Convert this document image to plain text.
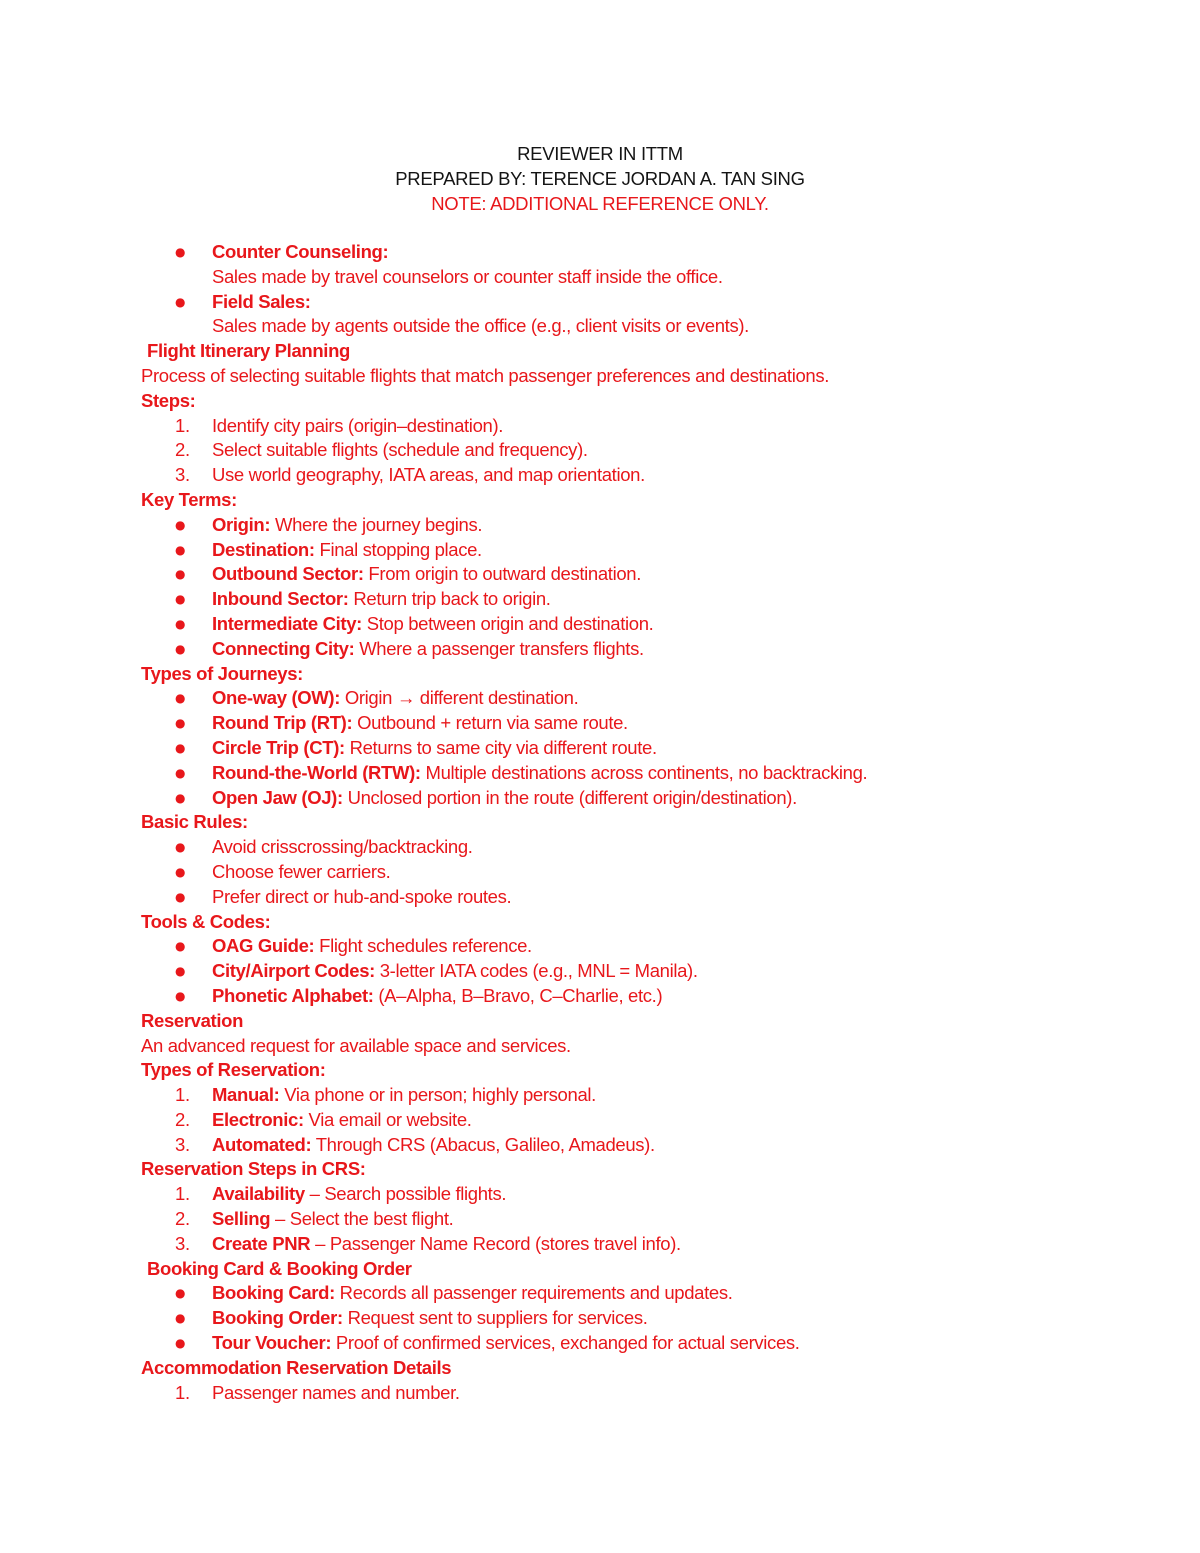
REVIEWER IN ITTM
PREPARED BY: TERENCE JORDAN A. TAN SING
NOTE: ADDITIONAL REFERENCE ONLY.
●	Counter Counseling:
Sales made by travel counselors or counter staff inside the office.
●	Field Sales:
Sales made by agents outside the office (e.g., client visits or events).
Flight Itinerary Planning
Process of selecting suitable flights that match passenger preferences and destinations.
Steps:
1.	Identify city pairs (origin–destination).
2.	Select suitable flights (schedule and frequency).
3.	Use world geography, IATA areas, and map orientation.
Key Terms:
●	Origin: Where the journey begins.
●	Destination: Final stopping place.
●	Outbound Sector: From origin to outward destination.
●	Inbound Sector: Return trip back to origin.
●	Intermediate City: Stop between origin and destination.
●	Connecting City: Where a passenger transfers flights.
Types of Journeys:
●	One-way (OW): Origin → different destination.
●	Round Trip (RT): Outbound + return via same route.
●	Circle Trip (CT): Returns to same city via different route.
●	Round-the-World (RTW): Multiple destinations across continents, no backtracking.
●	Open Jaw (OJ): Unclosed portion in the route (different origin/destination).
Basic Rules:
●	Avoid crisscrossing/backtracking.
●	Choose fewer carriers.
●	Prefer direct or hub-and-spoke routes.
Tools & Codes:
●	OAG Guide: Flight schedules reference.
●	City/Airport Codes: 3-letter IATA codes (e.g., MNL = Manila).
●	Phonetic Alphabet: (A–Alpha, B–Bravo, C–Charlie, etc.)
Reservation
An advanced request for available space and services.
Types of Reservation:
1.	Manual: Via phone or in person; highly personal.
2.	Electronic: Via email or website.
3.	Automated: Through CRS (Abacus, Galileo, Amadeus).
Reservation Steps in CRS:
1.	Availability – Search possible flights.
2.	Selling – Select the best flight.
3.	Create PNR – Passenger Name Record (stores travel info).
Booking Card & Booking Order
●	Booking Card: Records all passenger requirements and updates.
●	Booking Order: Request sent to suppliers for services.
●	Tour Voucher: Proof of confirmed services, exchanged for actual services.
Accommodation Reservation Details
1.	Passenger names and number.
